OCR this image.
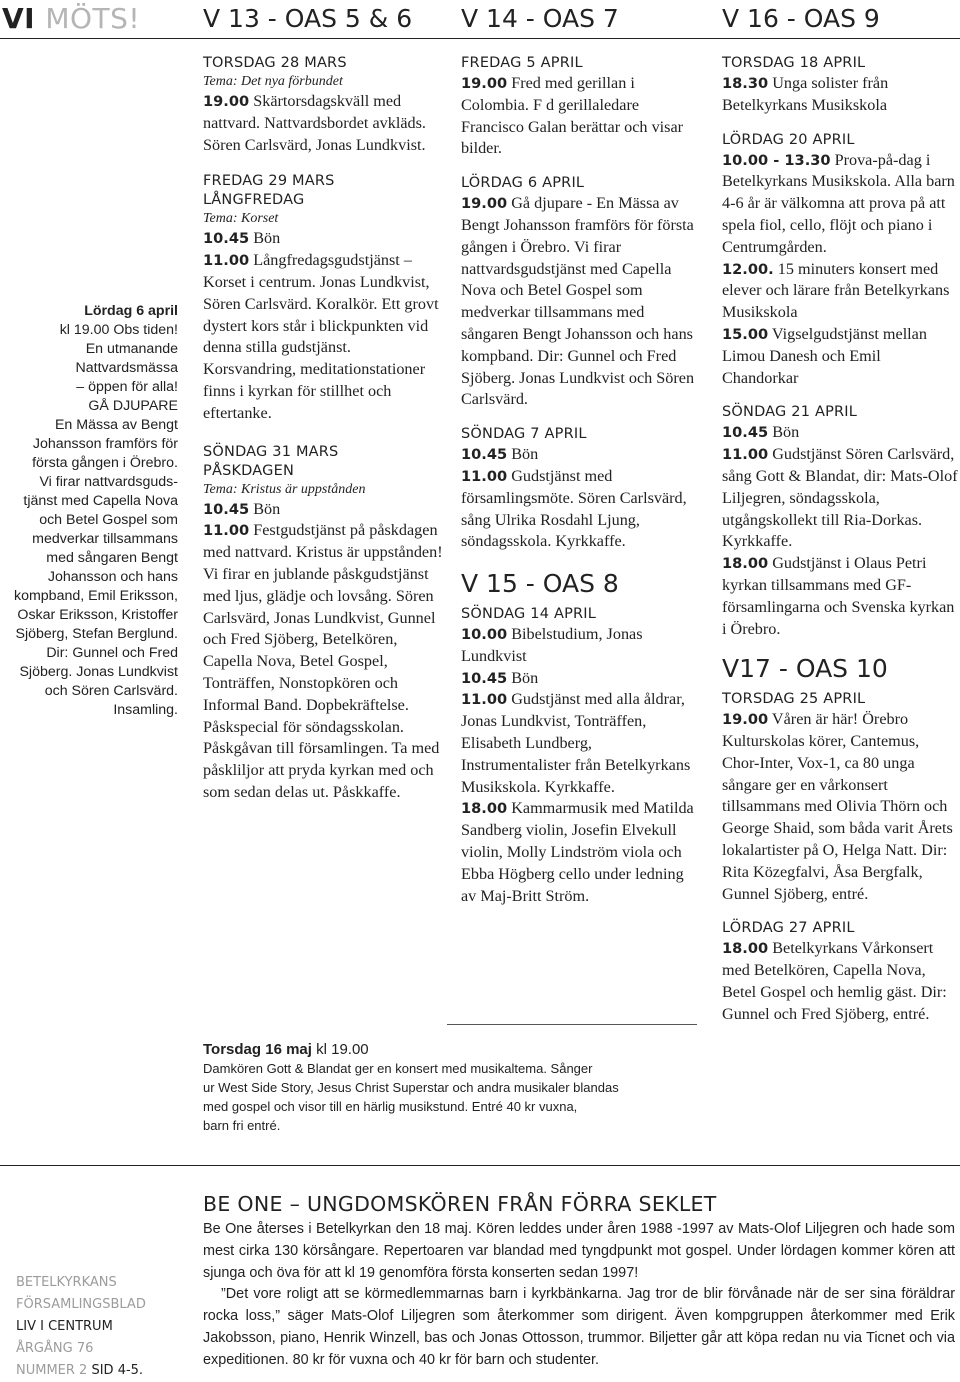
VI MÖTS!	V 13 - OAS 5 & 6 V 14 - OAS 7	V 16 - OAS 9
Lördag 6 april
kl 19.00 Obs tiden!
En utmanande
Nattvardsmässa
– öppen för alla!
GÅ DJUPARE
En Mässa av Bengt
Johansson framförs för
första gången i Örebro.
Vi firar nattvardsguds-
tjänst med Capella Nova
och Betel Gospel som
medverkar tillsammans
med sångaren Bengt
Johansson och hans
kompband, Emil Eriksson,
Oskar Eriksson, Kristoffer
Sjöberg, Stefan Berglund.
Dir: Gunnel och Fred
Sjöberg. Jonas Lundkvist
och Sören Carlsvärd.
Insamling.
TORSDAG 28 MARS
Tema: Det nya förbundet

19.00 Skärtorsdagskväll med nattvard. Nattvardsbordet avkläds. Sören Carlsvärd, Jonas Lundkvist.

FREDAG 29 MARS
LÅNGFREDAG
Tema: Korset

10.45 Bön

11.00 Långfredagsgudstjänst – Korset i centrum. Jonas Lundkvist, Sören Carlsvärd. Koralkör. Ett grovt dystert kors står i blickpunkten vid denna stilla gudstjänst. Korsvandring, meditationstationer finns i kyrkan för stillhet och eftertanke.

SÖNDAG 31 MARS
PÅSKDAGEN
Tema: Kristus är uppstånden

10.45 Bön

11.00 Festgudstjänst på påskdagen med nattvard. Kristus är uppstånden! Vi firar en jublande påskgudstjänst med ljus, glädje och lovsång. Sören Carlsvärd, Jonas Lundkvist, Gunnel och Fred Sjöberg, Betelkören, Capella Nova, Betel Gospel, Tonträffen, Nonstopkören och Informal Band. Dopbekräftelse. Påskspecial för söndagsskolan. Påskgåvan till församlingen. Ta med påskliljor att pryda kyrkan med och som sedan delas ut. Påskkaffe.

FREDAG 5 APRIL

19.00 Fred med gerillan i Colombia. F d gerillaledare Francisco Galan berättar och visar bilder.

LÖRDAG 6 APRIL

19.00 Gå djupare - En Mässa av Bengt Johansson framförs för första gången i Örebro. Vi firar nattvardsgudstjänst med Capella Nova och Betel Gospel som medverkar tillsammans med sångaren Bengt Johansson och hans kompband. Dir: Gunnel och Fred Sjöberg. Jonas Lundkvist och Sören Carlsvärd.

SÖNDAG 7 APRIL

10.45 Bön

11.00 Gudstjänst med församlingsmöte. Sören Carlsvärd, sång Ulrika Rosdahl Ljung, söndagsskola. Kyrkkaffe.

V 15 - OAS 8
SÖNDAG 14 APRIL

10.00 Bibelstudium, Jonas Lundkvist

10.45 Bön

11.00 Gudstjänst med alla åldrar, Jonas Lundkvist, Tonträffen, Elisabeth Lundberg, Instrumentalister från Betelkyrkans Musikskola. Kyrkkaffe.

18.00 Kammarmusik med Matilda Sandberg violin, Josefin Elvekull violin, Molly Lindström viola och Ebba Högberg cello under ledning av Maj-Britt Ström.

TORSDAG 18 APRIL

18.30 Unga solister från Betelkyrkans Musikskola

LÖRDAG 20 APRIL

10.00 - 13.30 Prova-på-dag i Betelkyrkans Musikskola. Alla barn 4-6 år är välkomna att prova på att spela fiol, cello, flöjt och piano i Centrumgården.

12.00. 15 minuters konsert med elever och lärare från Betelkyrkans Musikskola

15.00 Vigselgudstjänst mellan Limou Danesh och Emil Chandorkar

SÖNDAG 21 APRIL

10.45 Bön

11.00 Gudstjänst Sören Carlsvärd, sång Gott & Blandat, dir: Mats-Olof Liljegren, söndagsskola, utgångskollekt till Ria-Dorkas. Kyrkkaffe.

18.00 Gudstjänst i Olaus Petri kyrkan tillsammans med GF-församlingarna och Svenska kyrkan i Örebro.

V17 - OAS 10
TORSDAG 25 APRIL

19.00 Våren är här! Örebro Kulturskolas körer, Cantemus, Chor-Inter, Vox-1, ca 80 unga sångare ger en vårkonsert tillsammans med Olivia Thörn och George Shaid, som båda varit Årets lokalartister på O, Helga Natt. Dir: Rita Közegfalvi, Åsa Bergfalk, Gunnel Sjöberg, entré.

LÖRDAG 27 APRIL

18.00 Betelkyrkans Vårkonsert med Betelkören, Capella Nova, Betel Gospel och hemlig gäst. Dir: Gunnel och Fred Sjöberg, entré.

Torsdag 16 maj kl 19.00
Damkören Gott & Blandat ger en konsert med musikaltema. Sånger
ur West Side Story, Jesus Christ Superstar och andra musikaler blandas
med gospel och visor till en härlig musikstund. Entré 40 kr vuxna,
barn fri entré.
BETELKYRKANS
FÖRSAMLINGSBLAD
LIV I CENTRUM
ÅRGÅNG 76
NUMMER 2 SID 4-5.
BE ONE – UNGDOMSKÖREN FRÅN FÖRRA SEKLET

Be One återses i Betelkyrkan den 18 maj. Kören leddes under åren 1988 -1997 av Mats-Olof Liljegren och hade som mest cirka 130 körsångare. Repertoaren var blandad med tyngdpunkt mot gospel. Under lördagen kommer kören att sjunga och öva för att kl 19 genomföra första konserten sedan 1997!

”Det vore roligt att se körmedlemmarnas barn i kyrkbänkarna. Jag tror de blir förvånade när de ser sina föräldrar rocka loss,” säger Mats-Olof Liljegren som återkommer som dirigent. Även kompgruppen återkommer med Erik Jakobsson, piano, Henrik Winzell, bas och Jonas Ottosson, trummor. Biljetter går att köpa redan nu via Ticnet och via expeditionen. 80 kr för vuxna och 40 kr för barn och studenter.
